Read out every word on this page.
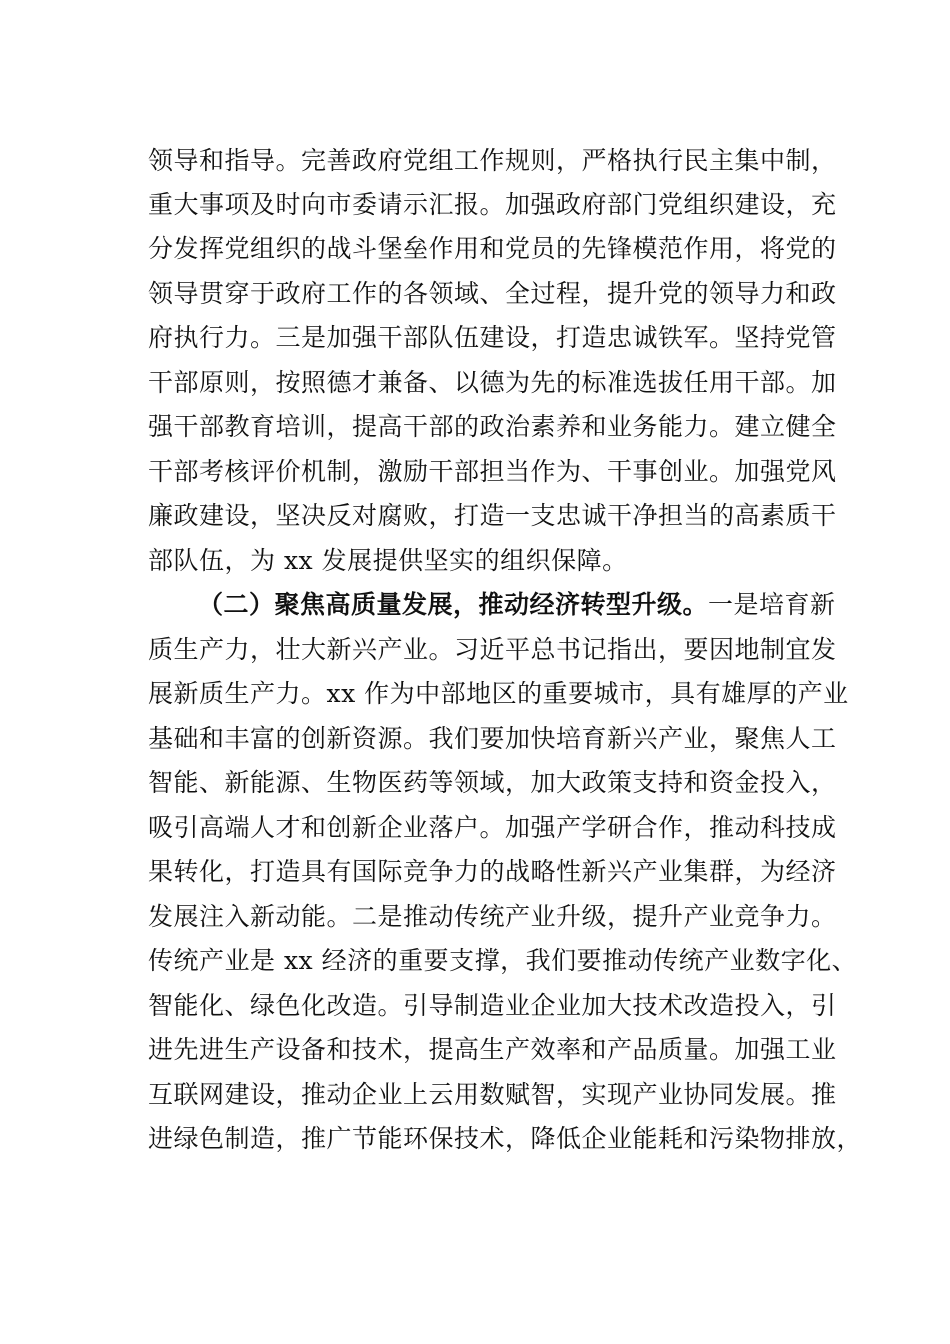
领导和指导。完善政府党组工作规则，严格执行民主集中制，
重大事项及时向市委请示汇报。加强政府部门党组织建设，充
分发挥党组织的战斗堡垒作用和党员的先锋模范作用，将党的
领导贯穿于政府工作的各领域、全过程，提升党的领导力和政
府执行力。三是加强干部队伍建设，打造忠诚铁军。坚持党管
干部原则，按照德才兼备、以德为先的标准选拔任用干部。加
强干部教育培训，提高干部的政治素养和业务能力。建立健全
干部考核评价机制，激励干部担当作为、干事创业。加强党风
廉政建设，坚决反对腐败，打造一支忠诚干净担当的高素质干
部队伍，为 xx 发展提供坚实的组织保障。
（二）聚焦高质量发展，推动经济转型升级。一是培育新
质生产力，壮大新兴产业。习近平总书记指出，要因地制宜发
展新质生产力。xx 作为中部地区的重要城市，具有雄厚的产业
基础和丰富的创新资源。我们要加快培育新兴产业，聚焦人工
智能、新能源、生物医药等领域，加大政策支持和资金投入，
吸引高端人才和创新企业落户。加强产学研合作，推动科技成
果转化，打造具有国际竞争力的战略性新兴产业集群，为经济
发展注入新动能。二是推动传统产业升级，提升产业竞争力。
传统产业是 xx 经济的重要支撑，我们要推动传统产业数字化、
智能化、绿色化改造。引导制造业企业加大技术改造投入，引
进先进生产设备和技术，提高生产效率和产品质量。加强工业
互联网建设，推动企业上云用数赋智，实现产业协同发展。推
进绿色制造，推广节能环保技术，降低企业能耗和污染物排放，
